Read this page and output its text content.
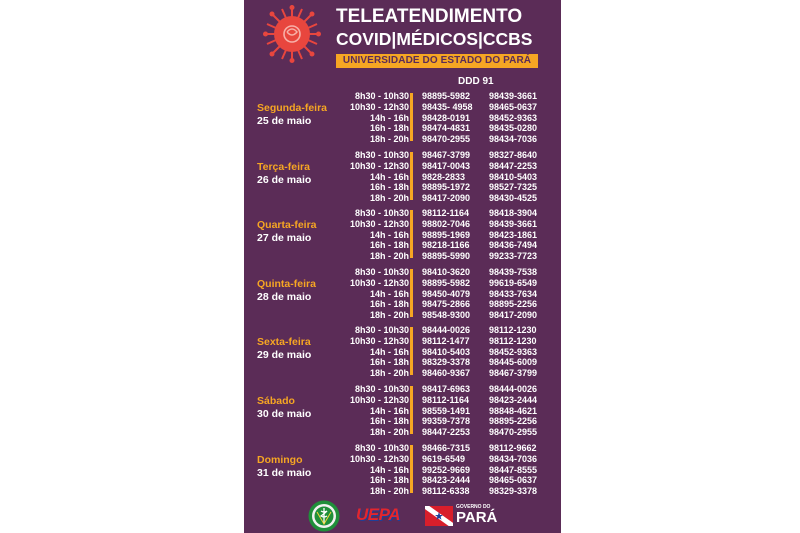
TELEATENDIMENTO
COVID|MÉDICOS|CCBS
UNIVERSIDADE DO ESTADO DO PARÁ
DDD 91
Segunda-feira
25 de maio
8h30 - 10h30
10h30 - 12h30
14h - 16h
16h - 18h
18h - 20h
98895-5982
98435- 4958
98428-0191
98474-4831
98470-2955
98439-3661
98465-0637
98452-9363
98435-0280
98434-7036
Terça-feira
26 de maio
8h30 - 10h30
10h30 - 12h30
14h - 16h
16h - 18h
18h - 20h
98467-3799
98417-0043
9828-2833
98895-1972
98417-2090
98327-8640
98447-2253
98410-5403
98527-7325
98430-4525
Quarta-feira
27 de maio
8h30 - 10h30
10h30 - 12h30
14h - 16h
16h - 18h
18h - 20h
98112-1164
98802-7046
98895-1969
98218-1166
98895-5990
98418-3904
98439-3661
98423-1861
98436-7494
99233-7723
Quinta-feira
28 de maio
8h30 - 10h30
10h30 - 12h30
14h - 16h
16h - 18h
18h - 20h
98410-3620
98895-5982
98450-4079
98475-2866
98548-9300
98439-7538
99619-6549
98433-7634
98895-2256
98417-2090
Sexta-feira
29 de maio
8h30 - 10h30
10h30 - 12h30
14h - 16h
16h - 18h
18h - 20h
98444-0026
98112-1477
98410-5403
98329-3378
98460-9367
98112-1230
98112-1230
98452-9363
98445-6009
98467-3799
Sábado
30 de maio
8h30 - 10h30
10h30 - 12h30
14h - 16h
16h - 18h
18h - 20h
98417-6963
98112-1164
98559-1491
99359-7378
98447-2253
98444-0026
98423-2444
98848-4621
98895-2256
98470-2955
Domingo
31 de maio
8h30 - 10h30
10h30 - 12h30
14h - 16h
16h - 18h
18h - 20h
98466-7315
9619-6549
99252-9669
98423-2444
98112-6338
98112-9662
98434-7036
98447-8555
98465-0637
98329-3378
UEPA	GOVERNO DO
PARÁ
